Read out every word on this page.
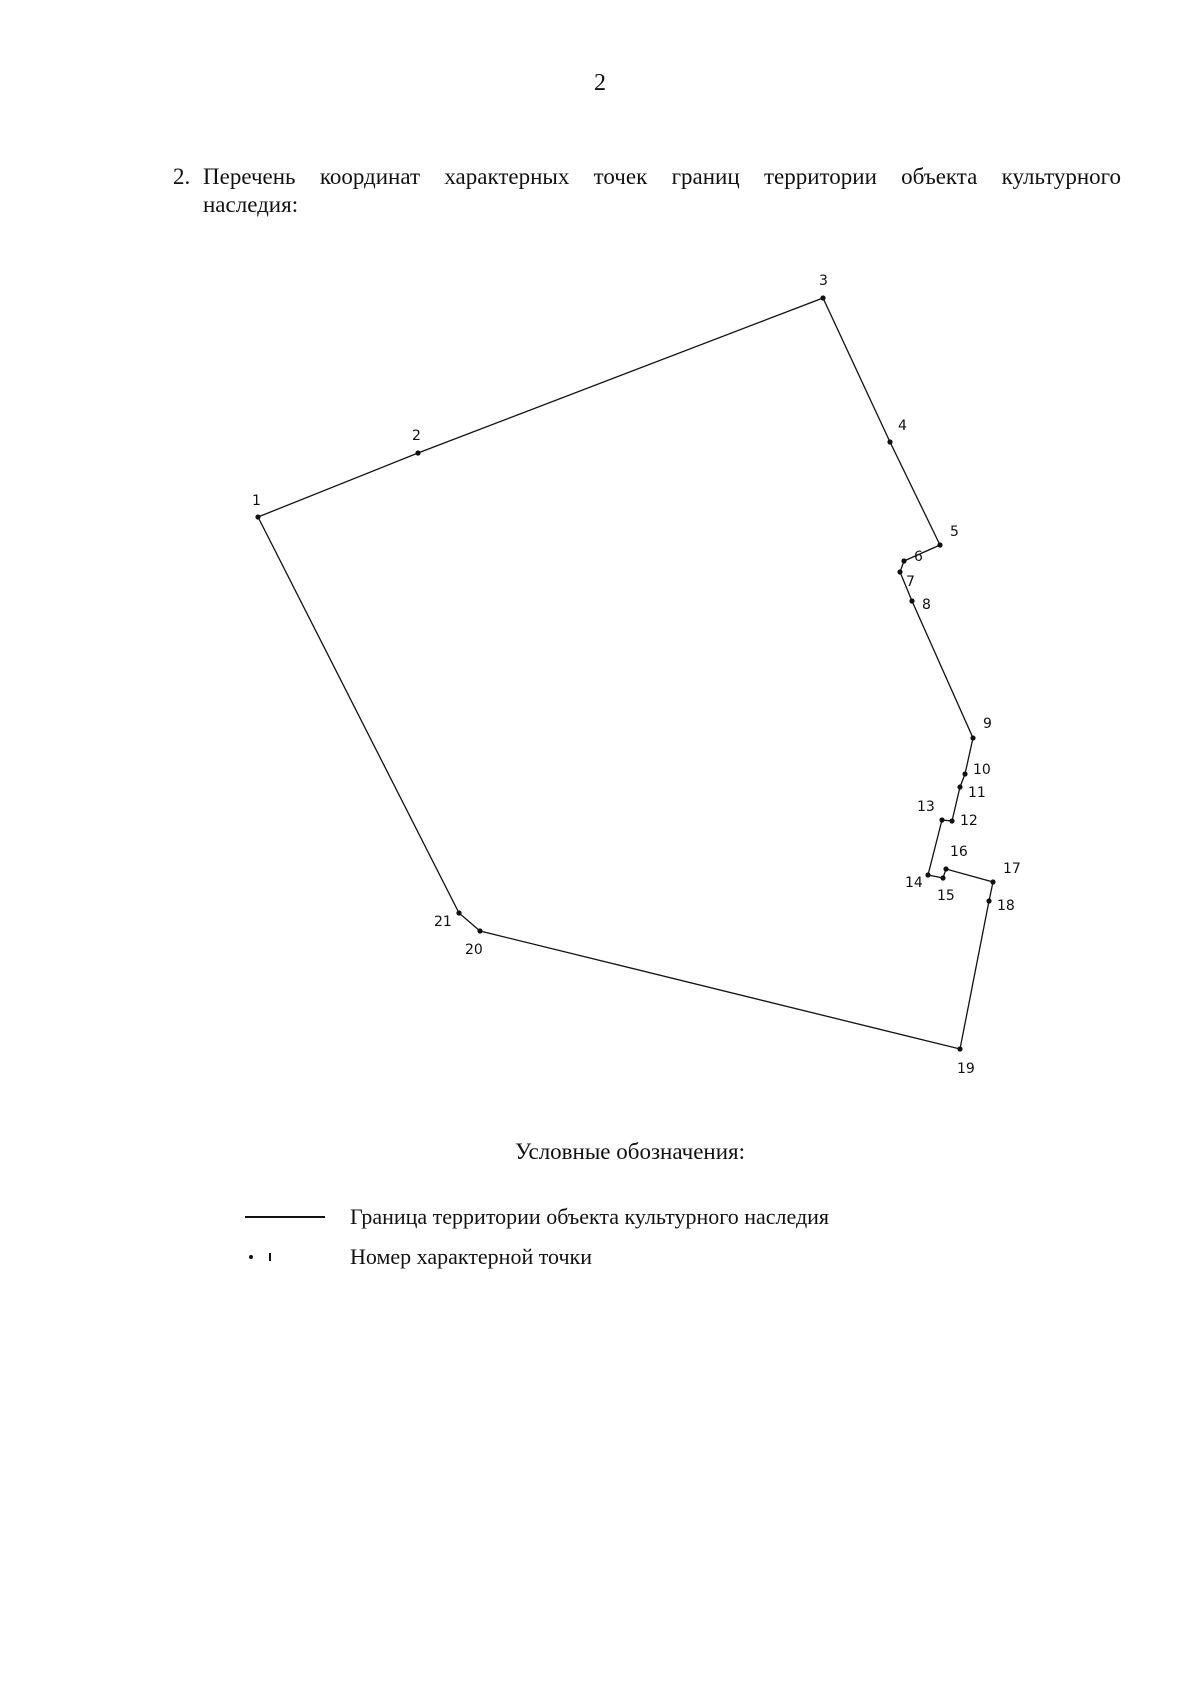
2
2. Перечень координат характерных точек границ территории объекта культурного
наследия:
1
2
3
4
5
6
7
8
9
10
11
12
13
14
15
16
17
18
19
20
21
Условные обозначения:
Граница территории объекта культурного наследия
Номер характерной точки
